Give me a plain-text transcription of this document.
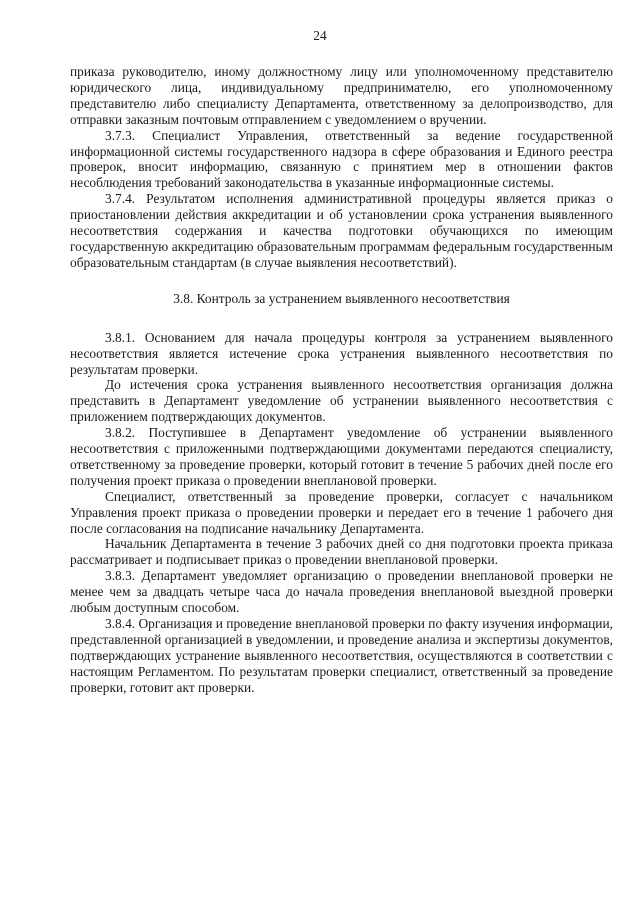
24

приказа руководителю, иному должностному лицу или уполномоченному представителю юридического лица, индивидуальному предпринимателю, его уполномоченному представителю либо специалисту Департамента, ответственному за делопроизводство, для отправки заказным почтовым отправлением с уведомлением о вручении.

3.7.3. Специалист Управления, ответственный за ведение государственной информационной системы государственного надзора в сфере образования и Единого реестра проверок, вносит информацию, связанную с принятием мер в отношении фактов несоблюдения требований законодательства в указанные информационные системы.

3.7.4. Результатом исполнения административной процедуры является приказ о приостановлении действия аккредитации и об установлении срока устранения выявленного несоответствия содержания и качества подготовки обучающихся по имеющим государственную аккредитацию образовательным программам федеральным государственным образовательным стандартам (в случае выявления несоответствий).

3.8. Контроль за устранением выявленного несоответствия

3.8.1. Основанием для начала процедуры контроля за устранением выявленного несоответствия является истечение срока устранения выявленного несоответствия по результатам проверки.

До истечения срока устранения выявленного несоответствия организация должна представить в Департамент уведомление об устранении выявленного несоответствия с приложением подтверждающих документов.

3.8.2. Поступившее в Департамент уведомление об устранении выявленного несоответствия с приложенными подтверждающими документами передаются специалисту, ответственному за проведение проверки, который готовит в течение 5 рабочих дней после его получения проект приказа о проведении внеплановой проверки.

Специалист, ответственный за проведение проверки, согласует с начальником Управления проект приказа о проведении проверки и передает его в течение 1 рабочего дня после согласования на подписание начальнику Департамента.

Начальник Департамента в течение 3 рабочих дней со дня подготовки проекта приказа рассматривает и подписывает приказ о проведении внеплановой проверки.

3.8.3. Департамент уведомляет организацию о проведении внеплановой проверки не менее чем за двадцать четыре часа до начала проведения внеплановой выездной проверки любым доступным способом.

3.8.4. Организация и проведение внеплановой проверки по факту изучения информации, представленной организацией в уведомлении, и проведение анализа и экспертизы документов, подтверждающих устранение выявленного несоответствия, осуществляются в соответствии с настоящим Регламентом. По результатам проверки специалист, ответственный за проведение проверки, готовит акт проверки.
